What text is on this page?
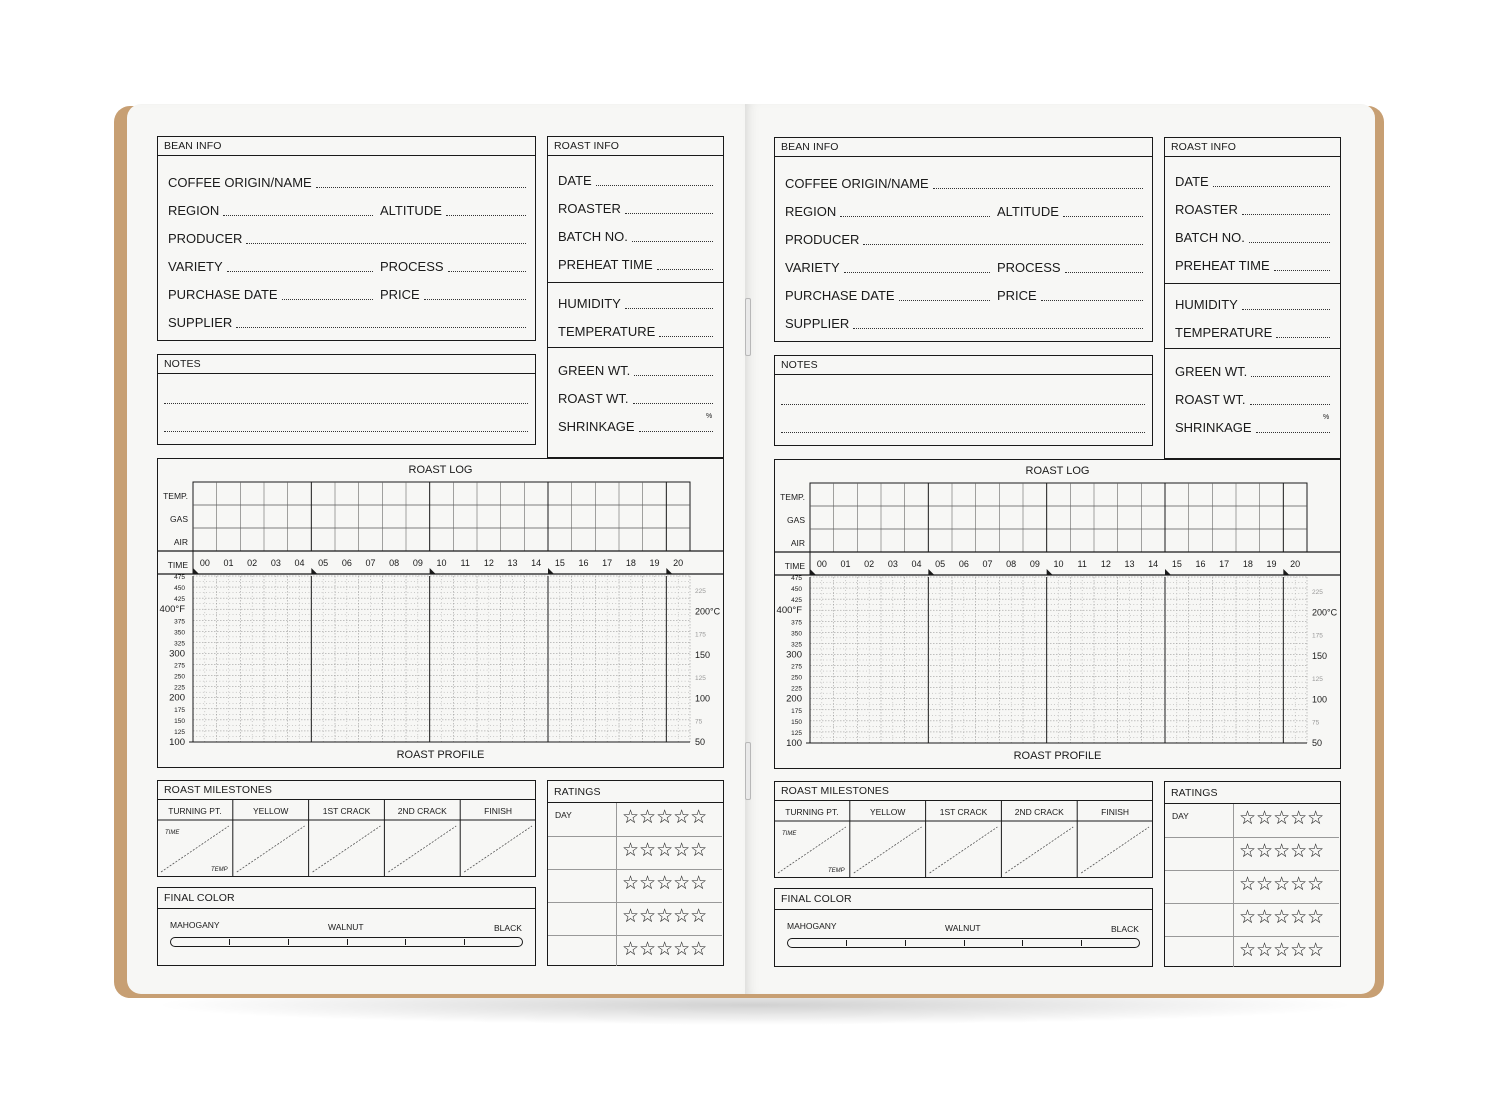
BEAN INFO
COFFEE ORIGIN/NAME
REGION	ALTITUDE
PRODUCER
VARIETY	PROCESS
PURCHASE DATE	PRICE
SUPPLIER
ROAST INFO
DATE
ROASTER
BATCH NO.
PREHEAT TIME
HUMIDITY
TEMPERATURE
GREEN WT.
ROAST WT.
%
SHRINKAGE
NOTES
ROAST LOG
TEMP.
GAS
AIR
TIME 00 01 02 03 04 05 06 07 08 09 10 11 12 13 14 15 16 17 18 19 20
475
450
425
400°F
375
350
325
300
275
250
225
200
175
150
125
100
225
200°C
175
150
125
100
75
50
ROAST PROFILE
ROAST MILESTONES
TURNING PT.	YELLOW	1ST CRACK	2ND CRACK	FINISH
TIME
TEMP
FINAL COLOR
MAHOGANY	WALNUT	BLACK
RATINGS
DAY	☆☆☆☆☆
☆☆☆☆☆
☆☆☆☆☆
☆☆☆☆☆
☆☆☆☆☆
BEAN INFO
COFFEE ORIGIN/NAME
REGION	ALTITUDE
PRODUCER
VARIETY	PROCESS
PURCHASE DATE	PRICE
SUPPLIER
ROAST INFO
DATE
ROASTER
BATCH NO.
PREHEAT TIME
HUMIDITY
TEMPERATURE
GREEN WT.
ROAST WT.
%
SHRINKAGE
NOTES
ROAST LOG
TEMP.
GAS
AIR
TIME 00 01 02 03 04 05 06 07 08 09 10 11 12 13 14 15 16 17 18 19 20
475
450
425
400°F
375
350
325
300
275
250
225
200
175
150
125
100
225
200°C
175
150
125
100
75
50
ROAST PROFILE
ROAST MILESTONES
TURNING PT.	YELLOW	1ST CRACK	2ND CRACK	FINISH
TIME
TEMP
FINAL COLOR
MAHOGANY	WALNUT	BLACK
RATINGS
DAY	☆☆☆☆☆
☆☆☆☆☆
☆☆☆☆☆
☆☆☆☆☆
☆☆☆☆☆
